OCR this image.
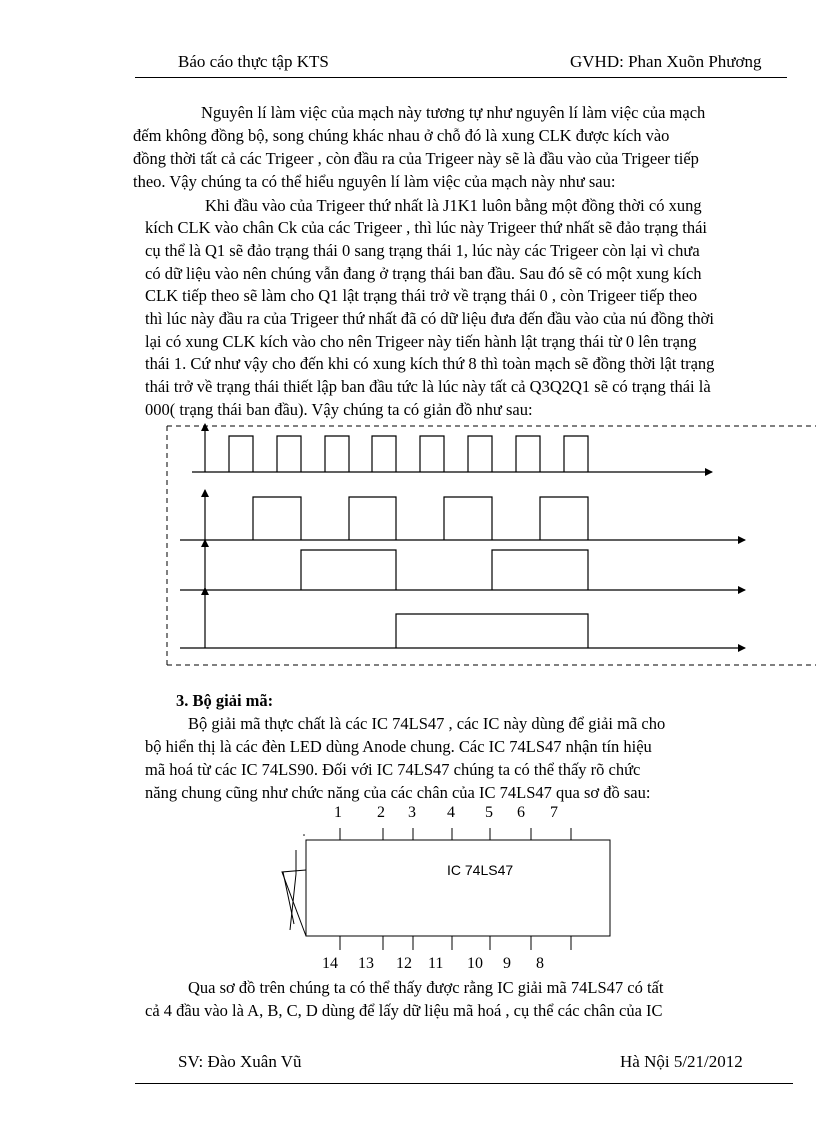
Báo cáo thực tập KTS	GVHD: Phan Xuõn Phương
Nguyên lí làm việc của mạch này tương tự như nguyên lí làm việc của mạch
đếm không đồng bộ, song chúng khác nhau ở chỗ đó là xung CLK được kích vào
đồng thời tất cả các Trigeer , còn đầu ra của Trigeer này sẽ là đầu vào của Trigeer tiếp
theo. Vậy chúng ta có thể hiểu nguyên lí làm việc của mạch này như sau:
Khi đầu vào của Trigeer thứ nhất là J1K1 luôn bằng một đồng thời có xung
kích CLK vào chân Ck của các Trigeer , thì lúc này Trigeer thứ nhất sẽ đảo trạng thái
cụ thể là Q1 sẽ đảo trạng thái 0 sang trạng thái 1, lúc này các Trigeer còn lại vì chưa
có dữ liệu vào nên chúng vẫn đang ở trạng thái ban đầu. Sau đó sẽ có một xung kích
CLK tiếp theo sẽ làm cho Q1 lật trạng thái trở về trạng thái 0 , còn Trigeer tiếp theo
thì lúc này đầu ra của Trigeer thứ nhất đã có dữ liệu đưa đến đầu vào của nú đồng thời
lại có xung CLK kích vào cho nên Trigeer này tiến hành lật trạng thái từ 0 lên trạng
thái 1. Cứ như vậy cho đến khi có xung kích thứ 8 thì toàn mạch sẽ đồng thời lật trạng
thái trở về trạng thái thiết lập ban đầu tức là lúc này tất cả Q3Q2Q1 sẽ có trạng thái là
000( trạng thái ban đầu). Vậy chúng ta có giản đồ như sau:
3. Bộ giải mã:
Bộ giải mã thực chất là các IC 74LS47 , các IC này dùng để giải mã cho
bộ hiển thị là các đèn LED dùng Anode chung. Các IC 74LS47 nhận tín hiệu
mã hoá từ các IC 74LS90. Đối với IC 74LS47 chúng ta có thể thấy rõ chức
năng chung cũng như chức năng của các chân của IC 74LS47 qua sơ đồ sau:
IC 74LS47
1 2 3 4 5 6 7
14 13 12 11 10 9 8
Qua sơ đồ trên chúng ta có thể thấy được rằng IC giải mã 74LS47 có tất
cả 4 đầu vào là A, B, C, D dùng để lấy dữ liệu mã hoá , cụ thể các chân của IC
SV: Đào Xuân Vũ	Hà Nội 5/21/2012
